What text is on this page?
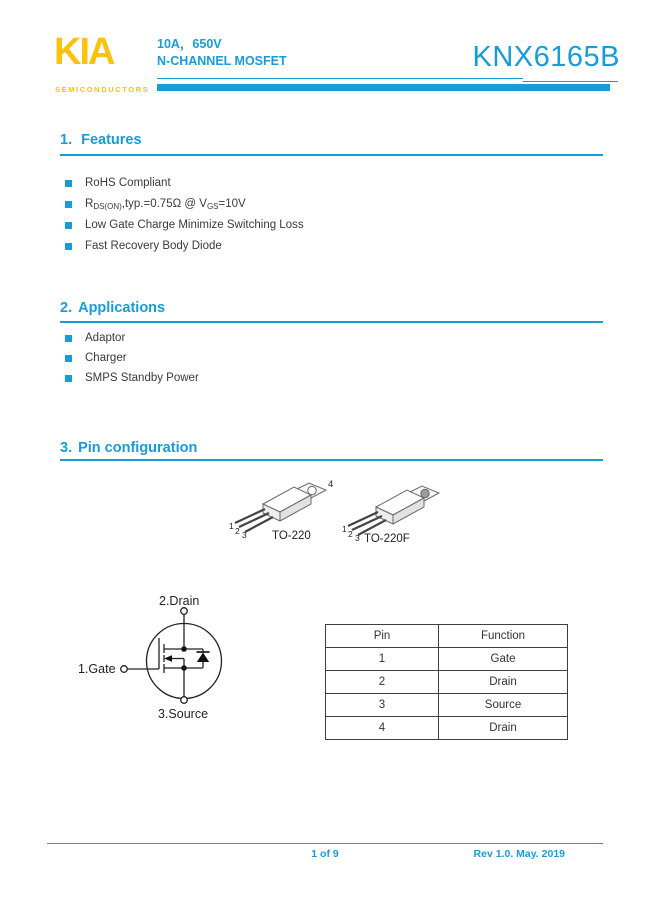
KIA
SEMICONDUCTORS
10A，650V
N-CHANNEL MOSFET	KNX6165B
1. Features
RoHS Compliant
$R_{DS(ON)},typ.=0.75\Omega$ @ $V_{GS}=10V$
Low Gate Charge Minimize Switching Loss
Fast Recovery Body Diode
2. Applications
Adaptor
Charger
SMPS Standby Power
3. Pin configuration
1 2 3
4
TO-220
1 2 3 TO-220F
2.Drain
1.Gate
3.Source
Pin	Function
1	Gate
2	Drain
3	Source
4	Drain
1 of 9	Rev 1.0. May. 2019
